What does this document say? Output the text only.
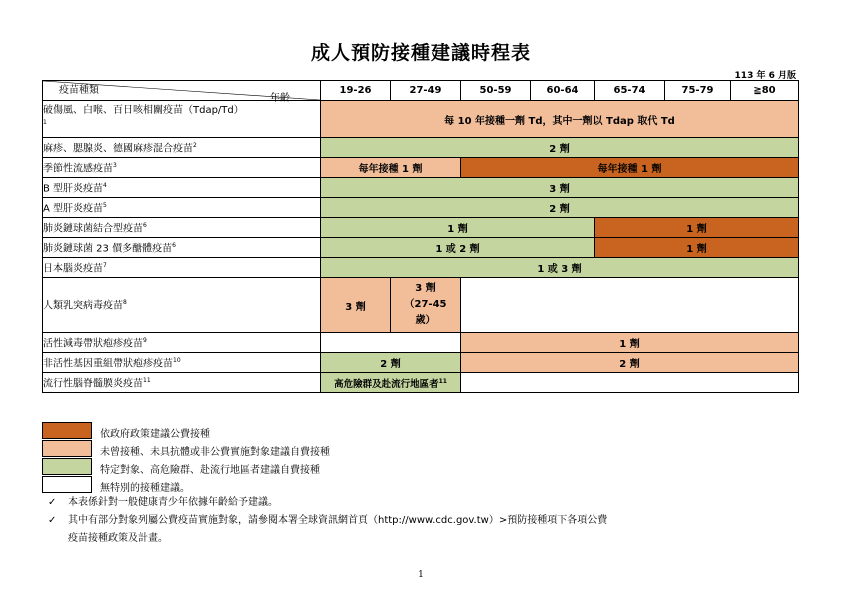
成人預防接種建議時程表
113 年 6 月版
年齡
疫苗種類	19-26	27-49	50-59	60-64	65-74	75-79	≧80
破傷風、白喉、百日咳相關疫苗（Tdap/Td）
$^1$	每 10 年接種一劑 Td，其中一劑以 Tdap 取代 Td						
麻疹、腮腺炎、德國麻疹混合疫苗$^2$	2 劑						
季節性流感疫苗$^3$	每年接種 1 劑		每年接種 1 劑				
B 型肝炎疫苗$^4$	3 劑						
A 型肝炎疫苗$^5$	2 劑						
肺炎鏈球菌結合型疫苗$^6$	1 劑				1 劑		
肺炎鏈球菌 23 價多醣體疫苗$^6$	1 或 2 劑				1 劑		
日本腦炎疫苗$^7$	1 或 3 劑						
人類乳突病毒疫苗$^8$	3 劑	3 劑
（27-45
歲）					
活性減毒帶狀疱疹疫苗$^9$			1 劑				
非活性基因重組帶狀疱疹疫苗$^{10}$	2 劑		2 劑				
流行性腦脊髓膜炎疫苗$^{11}$	高危險群及赴流行地區者$^{11}$	
依政府政策建議公費接種
未曾接種、未具抗體或非公費實施對象建議自費接種
特定對象、高危險群、赴流行地區者建議自費接種
無特別的接種建議。
✓ 本表係針對一般健康青少年依據年齡給予建議。
✓ 其中有部分對象列屬公費疫苗實施對象，請參閱本署全球資訊網首頁（http://www.cdc.gov.tw）>預防接種項下各項公費
疫苗接種政策及計畫。
1
